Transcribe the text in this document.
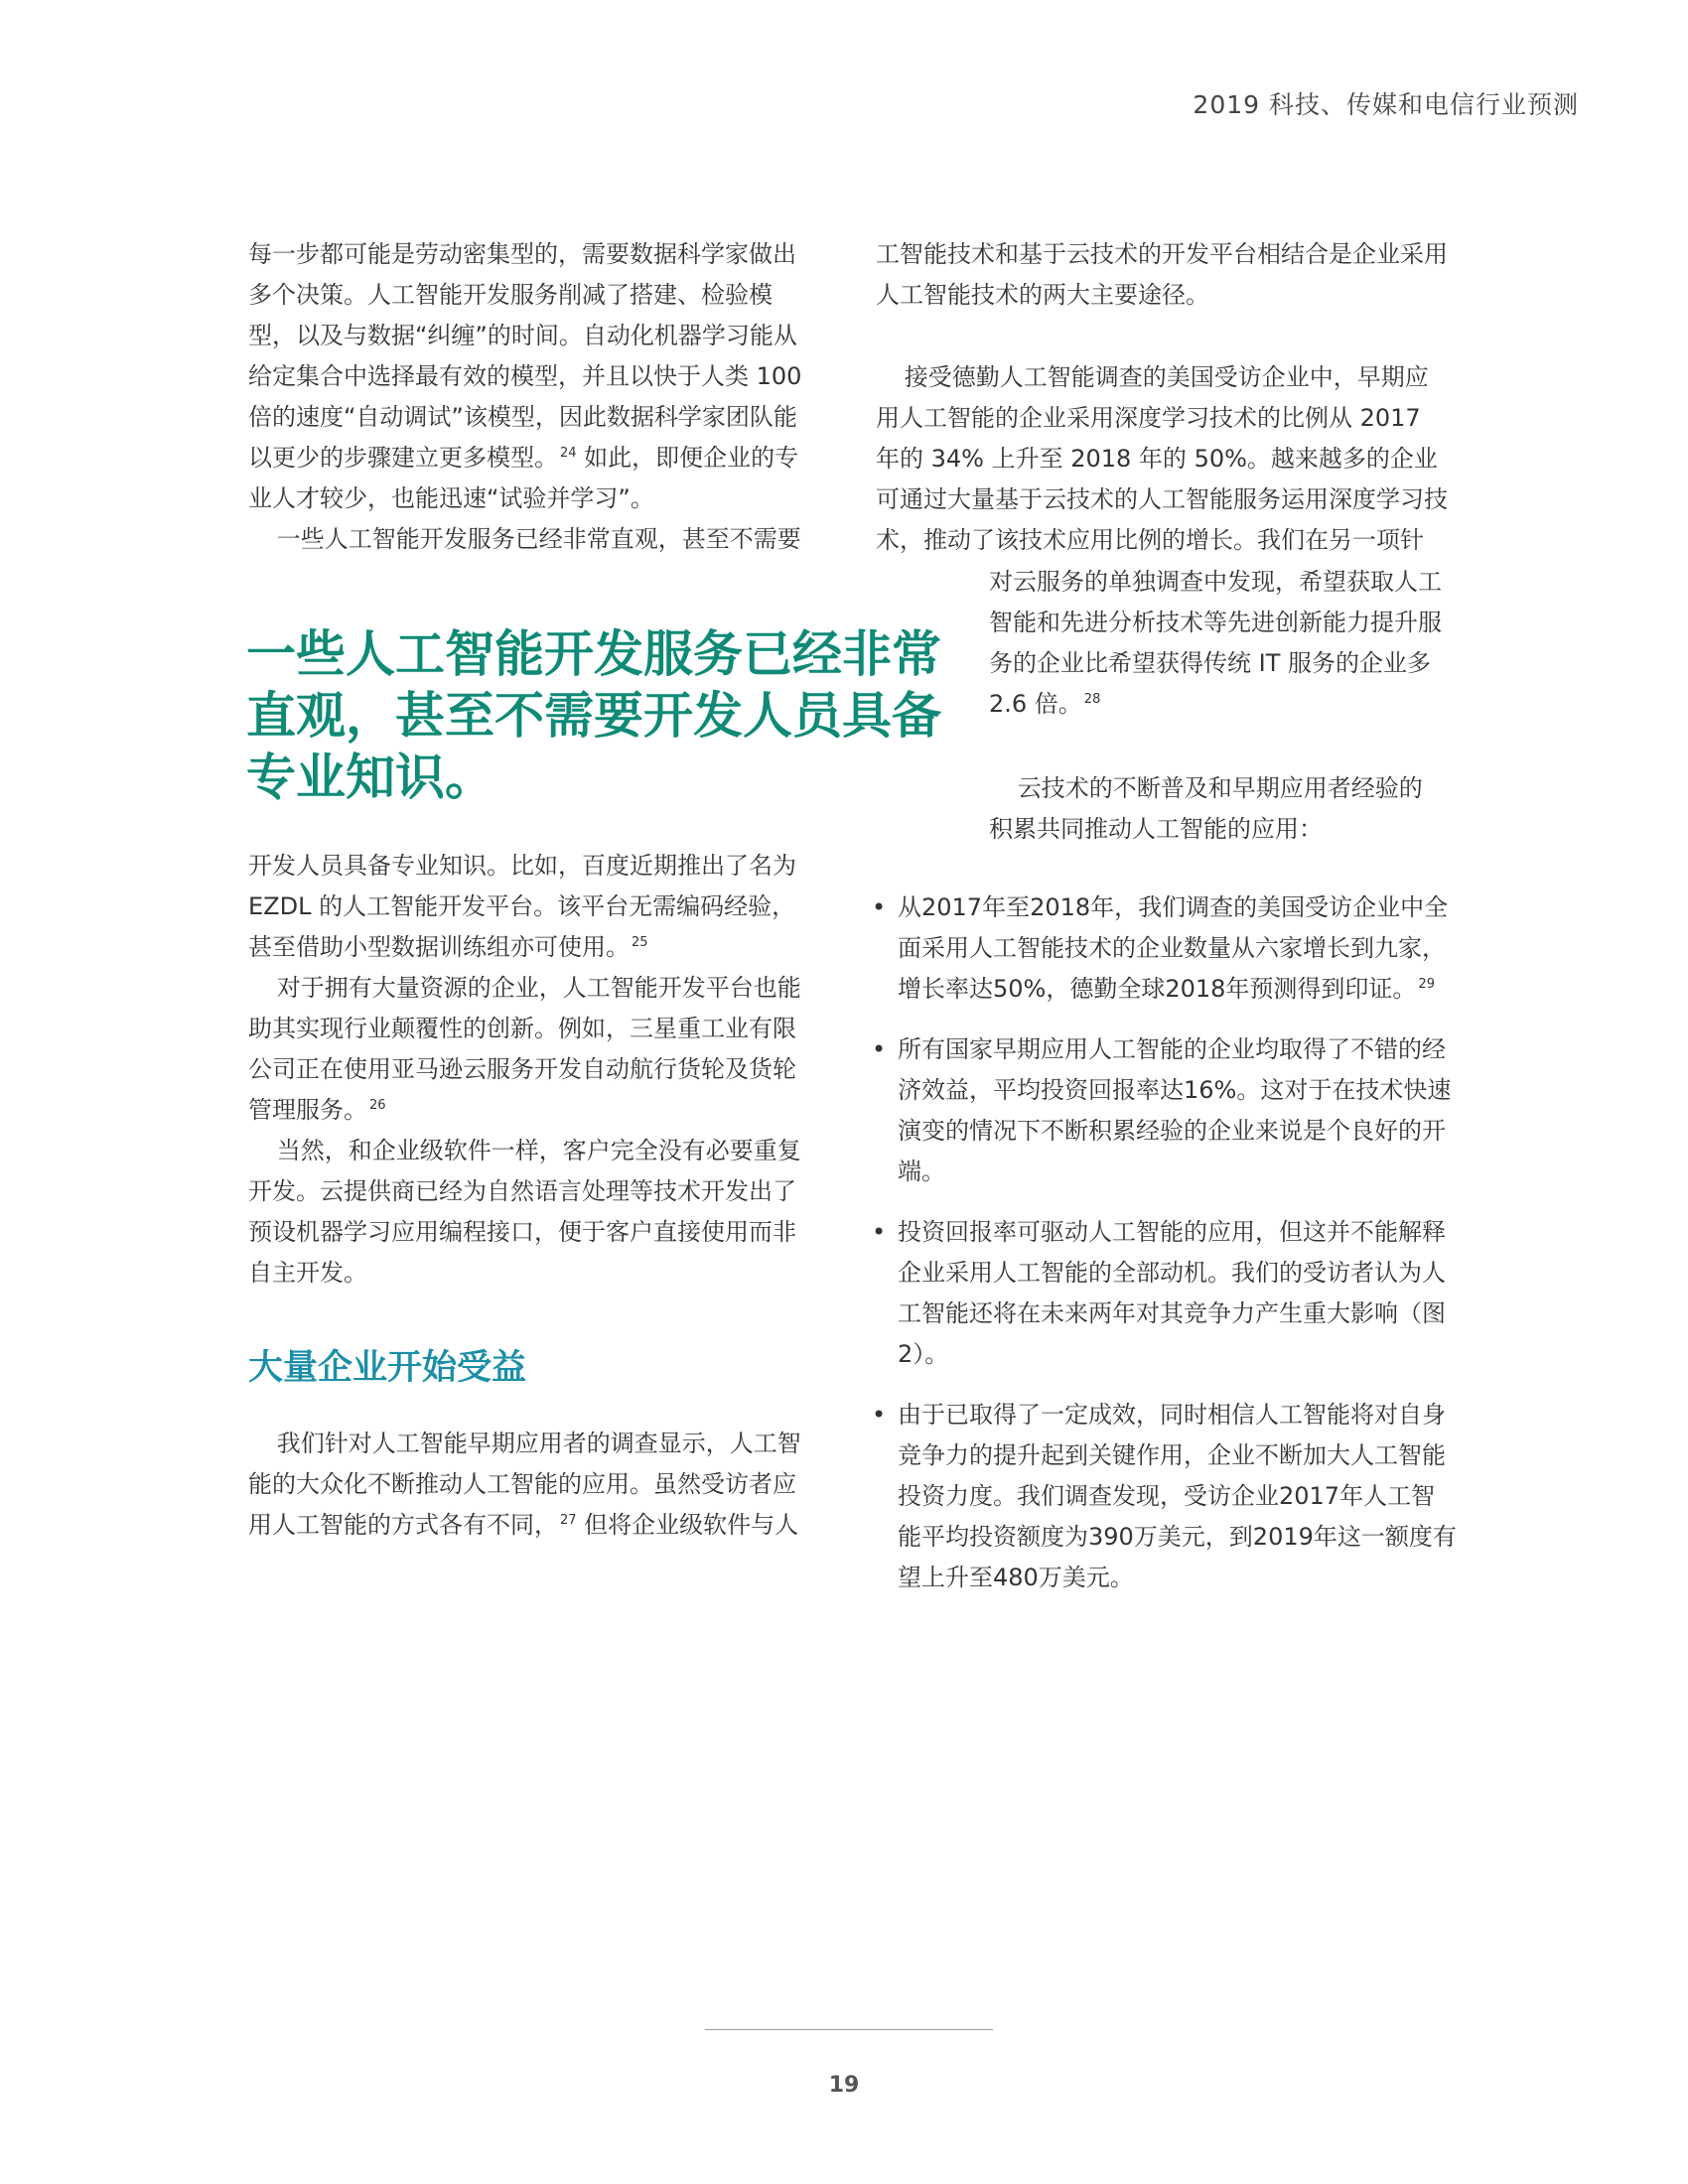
2019 科技、传媒和电信行业预测

每一步都可能是劳动密集型的，需要数据科学家做出多个决策。人工智能开发服务削减了搭建、检验模型，以及与数据“纠缠”的时间。自动化机器学习能从给定集合中选择最有效的模型，并且以快于人类 100 倍的速度“自动调试”该模型，因此数据科学家团队能以更少的步骤建立更多模型。 $^{24}$ 如此，即便企业的专业人才较少，也能迅速“试验并学习”。

一些人工智能开发服务已经非常直观，甚至不需要

一些人工智能开发服务已经非常直观，甚至不需要开发人员具备专业知识。

开发人员具备专业知识。比如，百度近期推出了名为 EZDL 的人工智能开发平台。该平台无需编码经验，甚至借助小型数据训练组亦可使用。 $^{25}$

对于拥有大量资源的企业，人工智能开发平台也能助其实现行业颠覆性的创新。例如，三星重工业有限公司正在使用亚马逊云服务开发自动航行货轮及货轮管理服务。 $^{26}$

当然，和企业级软件一样，客户完全没有必要重复开发。云提供商已经为自然语言处理等技术开发出了预设机器学习应用编程接口，便于客户直接使用而非自主开发。

大量企业开始受益

我们针对人工智能早期应用者的调查显示，人工智能的大众化不断推动人工智能的应用。虽然受访者应用人工智能的方式各有不同， $^{27}$ 但将企业级软件与人

工智能技术和基于云技术的开发平台相结合是企业采用人工智能技术的两大主要途径。

接受德勤人工智能调查的美国受访企业中，早期应用人工智能的企业采用深度学习技术的比例从 2017 年的 34% 上升至 2018 年的 50%。越来越多的企业可通过大量基于云技术的人工智能服务运用深度学习技术，推动了该技术应用比例的增长。我们在另一项针

对云服务的单独调查中发现，希望获取人工智能和先进分析技术等先进创新能力提升服务的企业比希望获得传统 IT 服务的企业多 2.6 倍。 $^{28}$

云技术的不断普及和早期应用者经验的积累共同推动人工智能的应用：

• 从2017年至2018年，我们调查的美国受访企业中全面采用人工智能技术的企业数量从六家增长到九家，增长率达50%，德勤全球2018年预测得到印证。 $^{29}$
• 所有国家早期应用人工智能的企业均取得了不错的经济效益，平均投资回报率达16%。这对于在技术快速演变的情况下不断积累经验的企业来说是个良好的开端。
• 投资回报率可驱动人工智能的应用，但这并不能解释企业采用人工智能的全部动机。我们的受访者认为人工智能还将在未来两年对其竞争力产生重大影响（图2）。
• 由于已取得了一定成效，同时相信人工智能将对自身竞争力的提升起到关键作用，企业不断加大人工智能投资力度。我们调查发现，受访企业2017年人工智能平均投资额度为390万美元，到2019年这一额度有望上升至480万美元。
19
